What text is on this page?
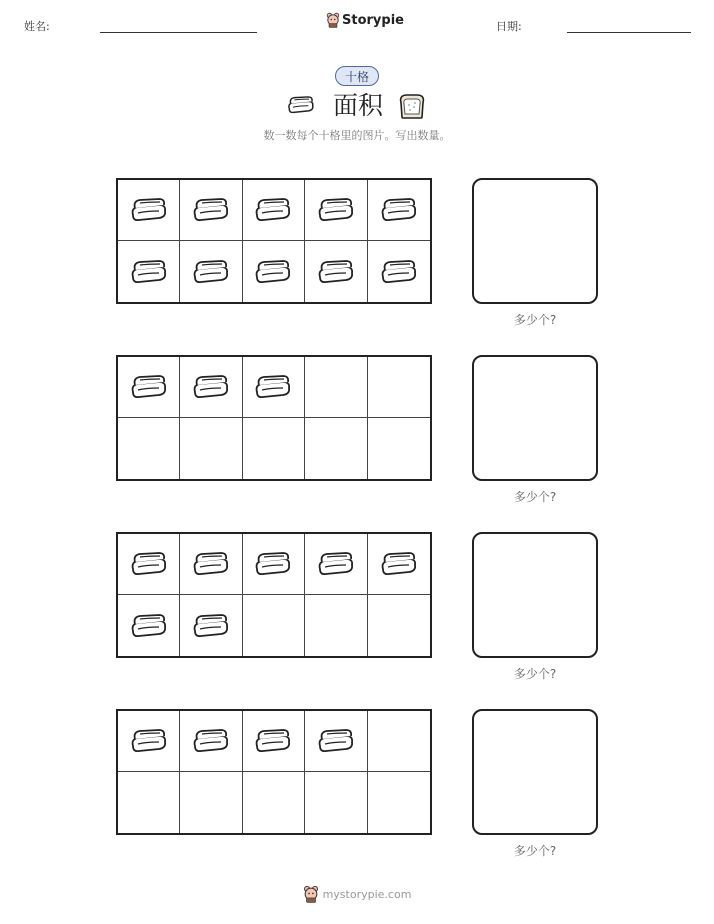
姓名:	Storypie	日期:
十格
面积
数一数每个十格里的图片。写出数量。
多少个?
多少个?
多少个?
多少个?
mystorypie.com
